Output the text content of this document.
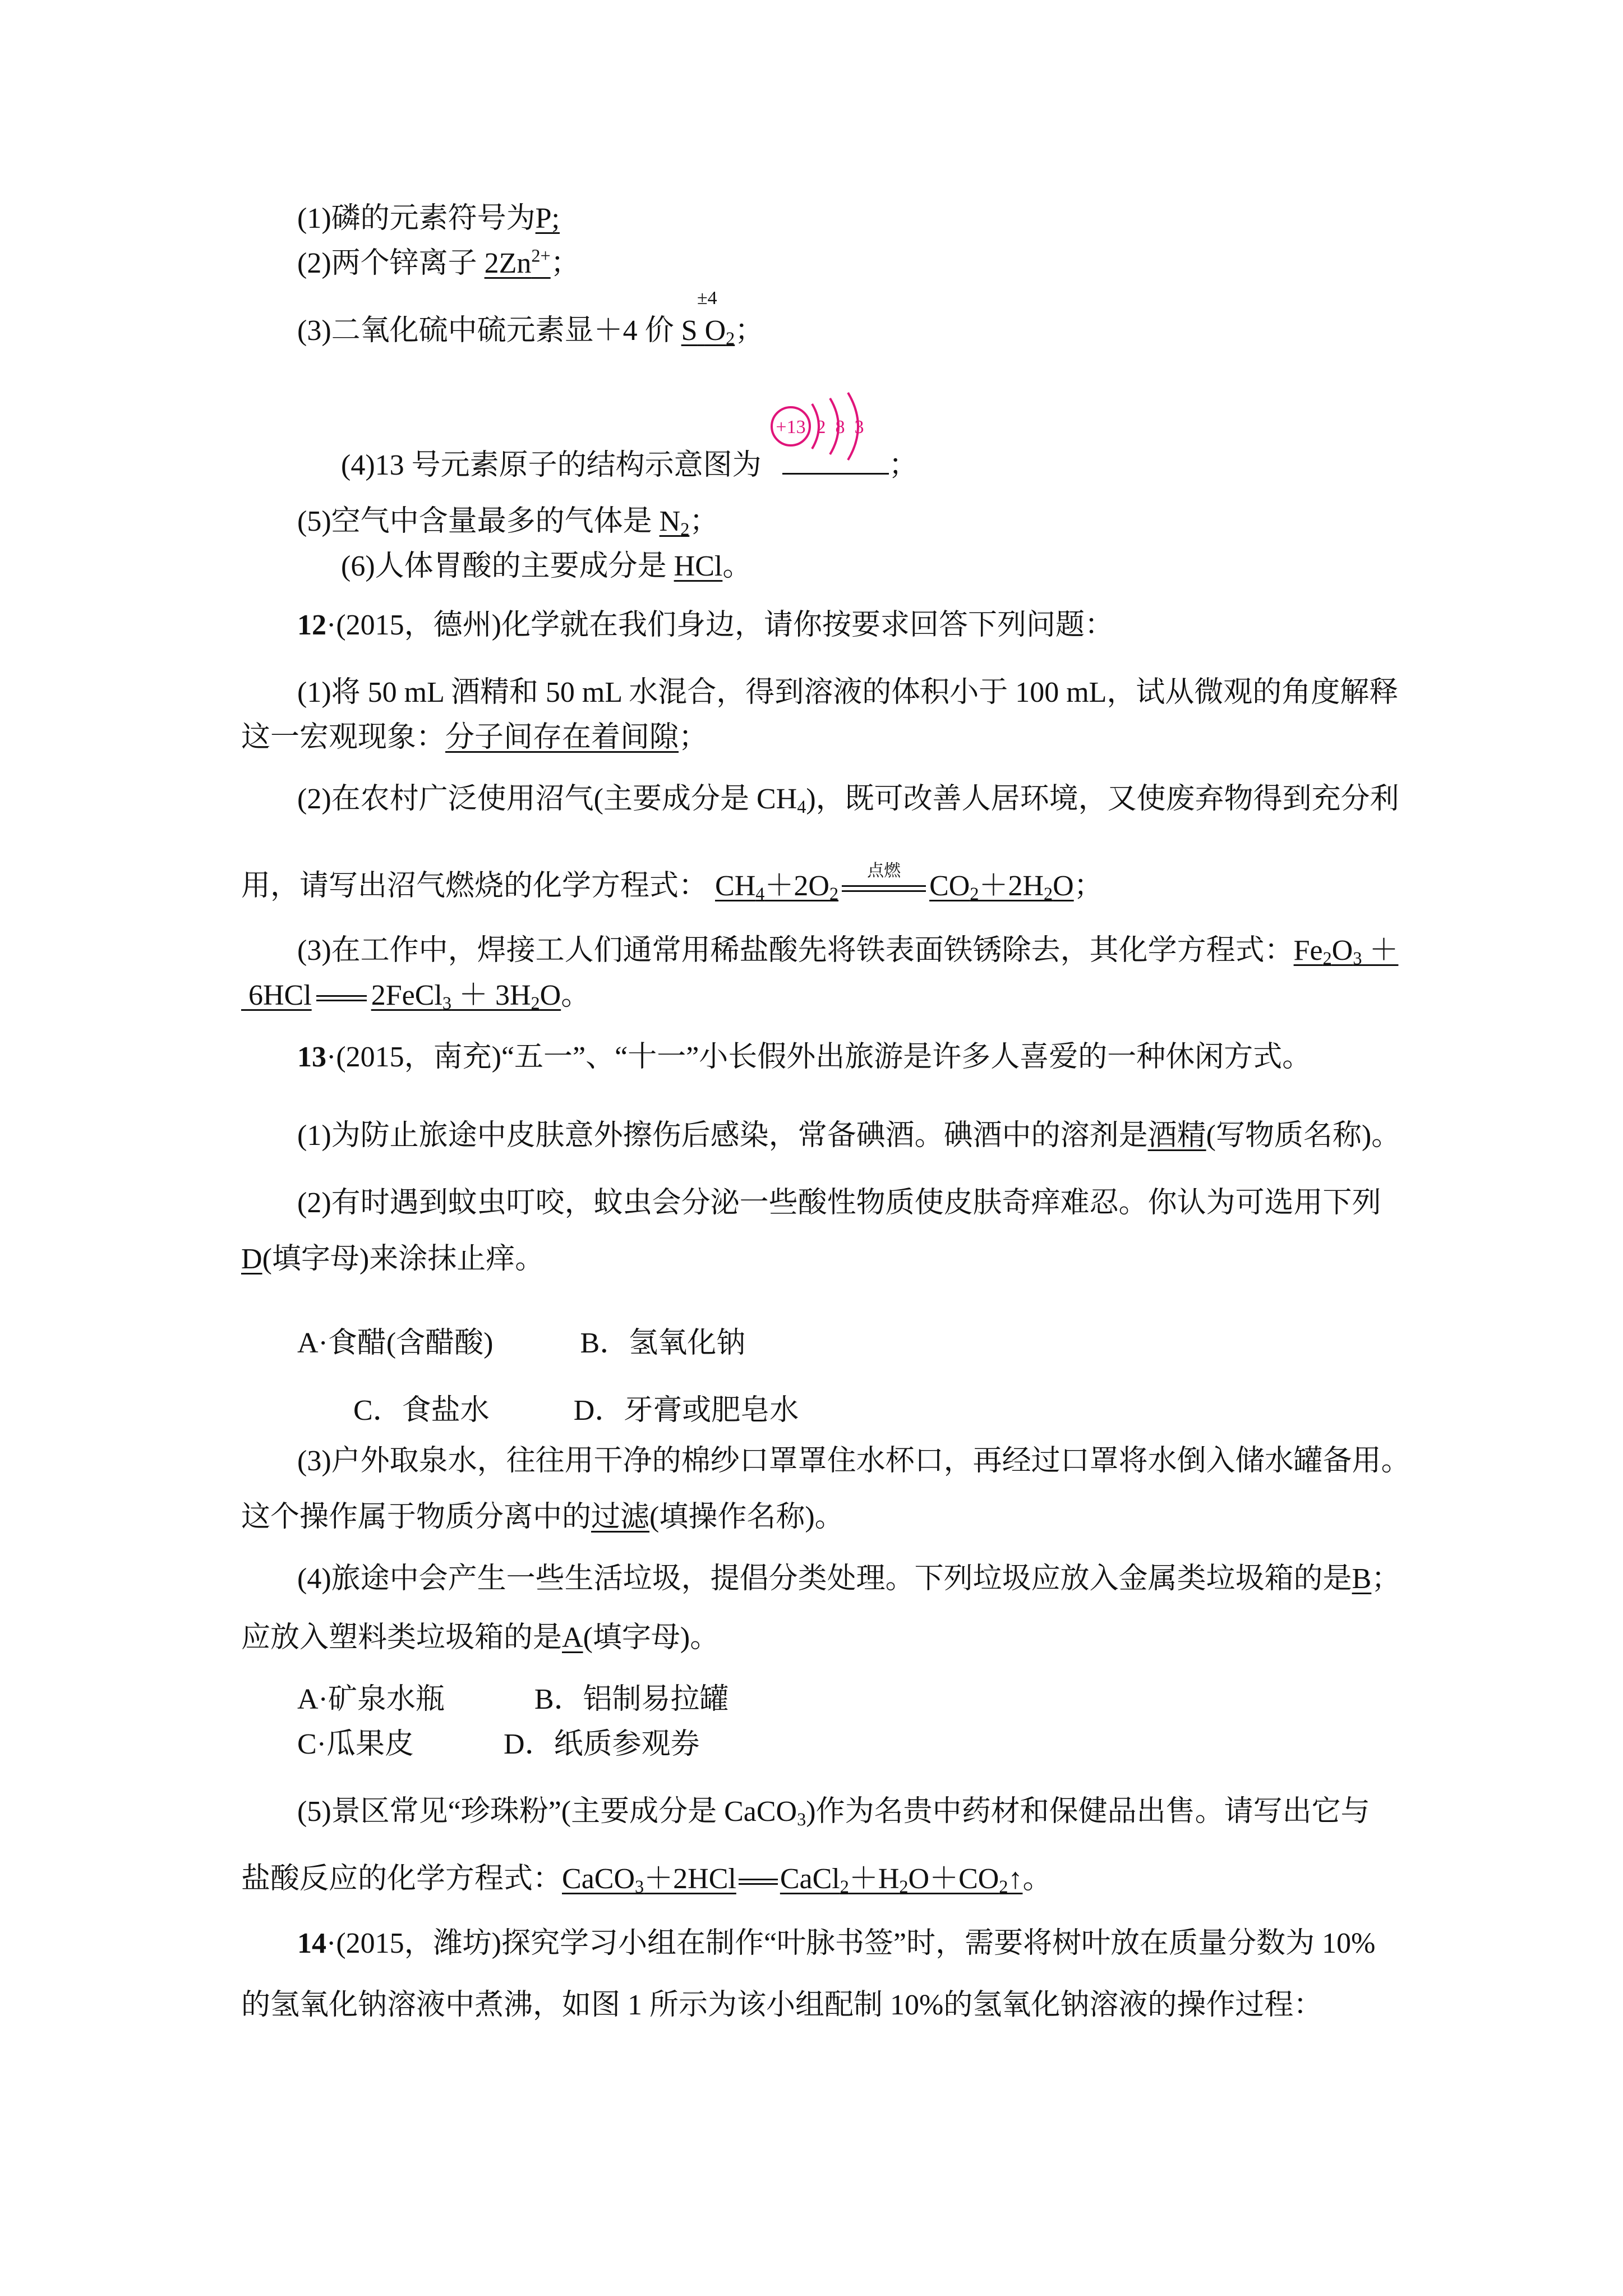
(1)磷的元素符号为P;
(2)两个锌离子 $2Zn^{2+}$；
±4
(3)二氧化硫中硫元素显＋4 价 S $O_2$；
+13 2 8 3
(4)13 号元素原子的结构示意图为	；
(5)空气中含量最多的气体是 $N_2$；
(6)人体胃酸的主要成分是 HCl。
12·(2015，德州)化学就在我们身边，请你按要求回答下列问题：
(1)将 50 mL 酒精和 50 mL 水混合，得到溶液的体积小于 100 mL，试从微观的角度解释
这一宏观现象：分子间存在着间隙；
(2)在农村广泛使用沼气(主要成分是 $CH_4$)，既可改善人居环境，又使废弃物得到充分利
用，请写出沼气燃烧的化学方程式： $CH_4+2O_2$
点燃 $CO_2+2H_2O$；
(3)在工作中，焊接工人们通常用稀盐酸先将铁表面铁锈除去，其化学方程式：$Fe_2O_3$ ＋
6HCl 2FeCl$_3$ ＋ $3H_2O$。
13·(2015，南充)“五一”、“十一”小长假外出旅游是许多人喜爱的一种休闲方式。
(1)为防止旅途中皮肤意外擦伤后感染，常备碘酒。碘酒中的溶剂是酒精(写物质名称)。
(2)有时遇到蚊虫叮咬，蚊虫会分泌一些酸性物质使皮肤奇痒难忍。你认为可选用下列
D(填字母)来涂抹止痒。
A·食醋(含醋酸)	B．氢氧化钠
C．食盐水	D．牙膏或肥皂水
(3)户外取泉水，往往用干净的棉纱口罩罩住水杯口，再经过口罩将水倒入储水罐备用。
这个操作属于物质分离中的过滤(填操作名称)。
(4)旅途中会产生一些生活垃圾，提倡分类处理。下列垃圾应放入金属类垃圾箱的是B；
应放入塑料类垃圾箱的是A(填字母)。
A·矿泉水瓶	B．铝制易拉罐
C·瓜果皮	D．纸质参观券
(5)景区常见“珍珠粉”(主要成分是 CaCO$_3$)作为名贵中药材和保健品出售。请写出它与
盐酸反应的化学方程式：CaCO$_3$＋2HCl $CaCl_2+H_2O+CO_2↑$。
14·(2015，潍坊)探究学习小组在制作“叶脉书签”时，需要将树叶放在质量分数为 10%
的氢氧化钠溶液中煮沸，如图 1 所示为该小组配制 10%的氢氧化钠溶液的操作过程：
